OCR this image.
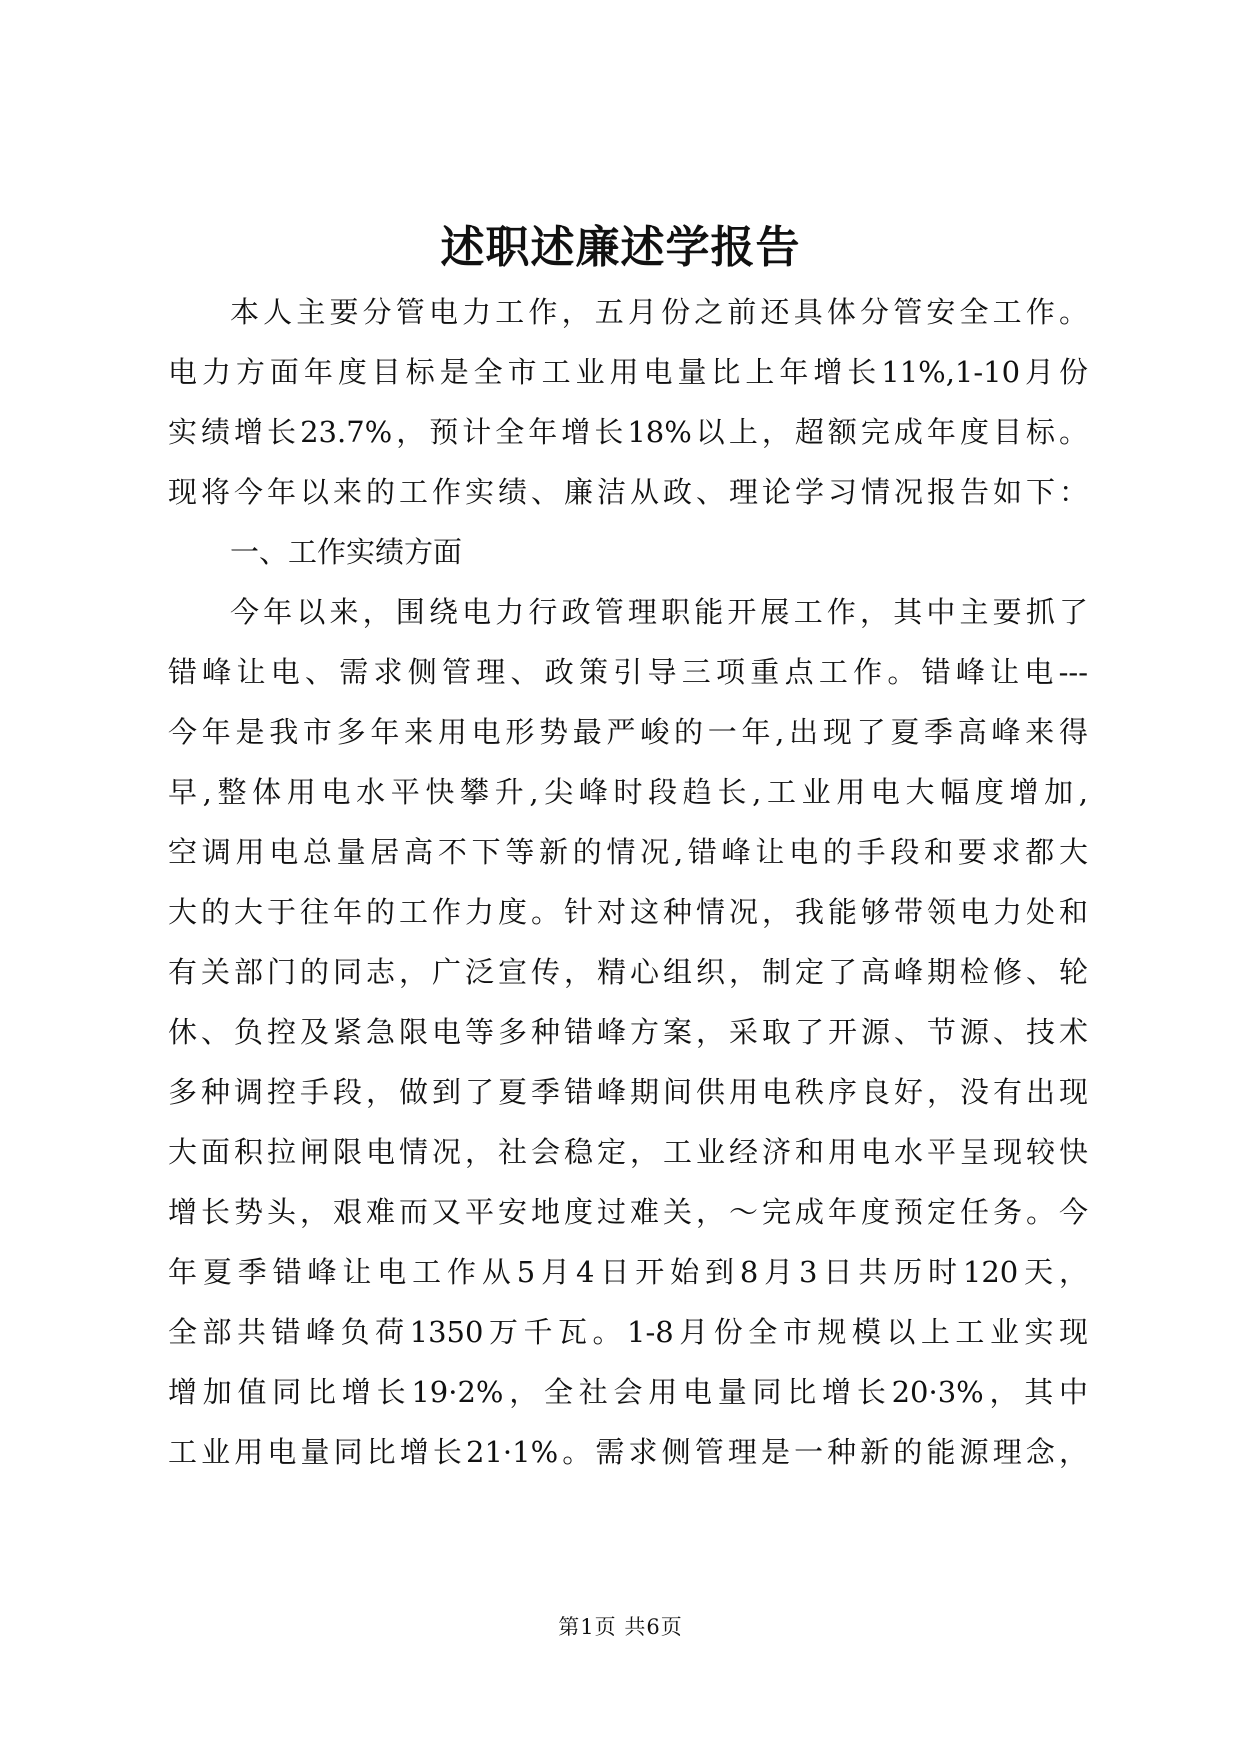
述职述廉述学报告
本人主要分管电力工作，五月份之前还具体分管安全工作。
电力方面年度目标是全市工业用电量比上年增长11%,1-10月份
实绩增长23.7%，预计全年增长18%以上，超额完成年度目标。
现将今年以来的工作实绩、廉洁从政、理论学习情况报告如下：
一、工作实绩方面
今年以来，围绕电力行政管理职能开展工作，其中主要抓了
错峰让电、需求侧管理、政策引导三项重点工作。错峰让电---
今年是我市多年来用电形势最严峻的一年,出现了夏季高峰来得
早,整体用电水平快攀升,尖峰时段趋长,工业用电大幅度增加,
空调用电总量居高不下等新的情况,错峰让电的手段和要求都大
大的大于往年的工作力度。针对这种情况，我能够带领电力处和
有关部门的同志，广泛宣传，精心组织，制定了高峰期检修、轮
休、负控及紧急限电等多种错峰方案，采取了开源、节源、技术
多种调控手段，做到了夏季错峰期间供用电秩序良好，没有出现
大面积拉闸限电情况，社会稳定，工业经济和用电水平呈现较快
增长势头，艰难而又平安地度过难关，～完成年度预定任务。今
年夏季错峰让电工作从5月4日开始到8月3日共历时120天，
全部共错峰负荷1350万千瓦。1-8月份全市规模以上工业实现
增加值同比增长19·2%，全社会用电量同比增长20·3%，其中
工业用电量同比增长21·1%。需求侧管理是一种新的能源理念，
第1页 共6页
